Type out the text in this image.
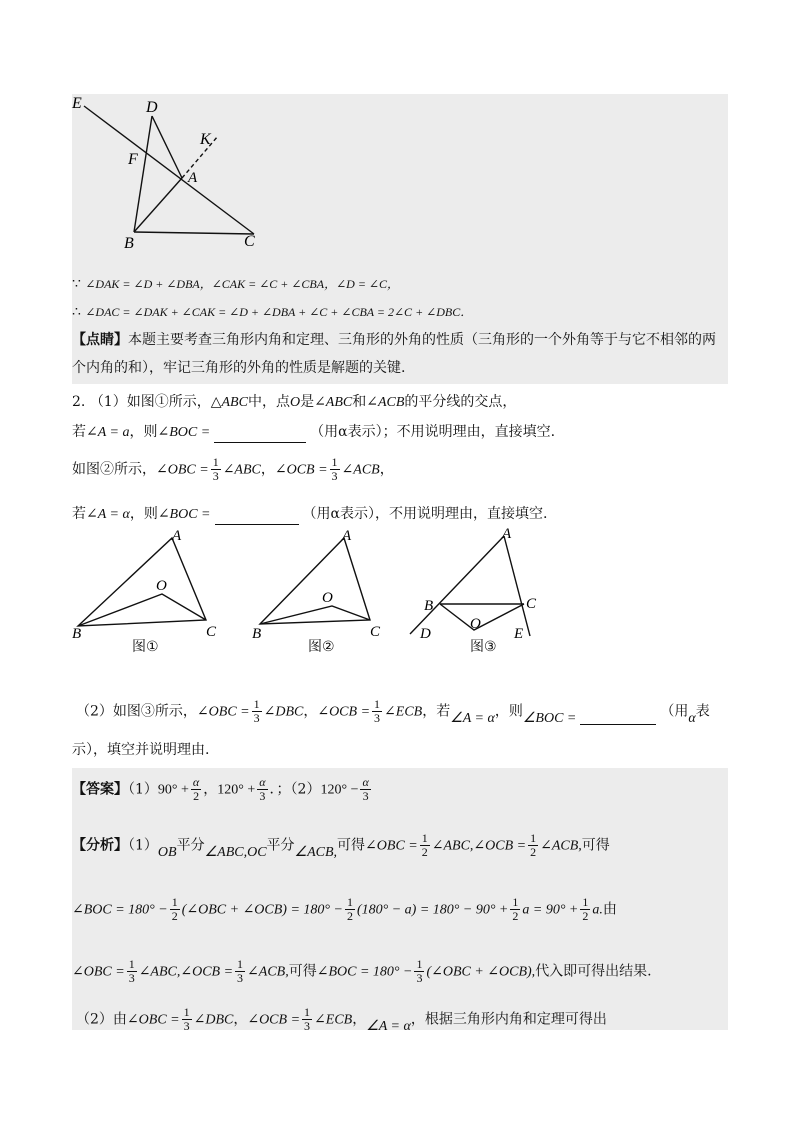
E	D
K
F
A
B	C
∵ ∠DAK = ∠D + ∠DBA，∠CAK = ∠C + ∠CBA，∠D = ∠C，
∴ ∠DAC = ∠DAK + ∠CAK = ∠D + ∠DBA + ∠C + ∠CBA = 2∠C + ∠DBC．
【点睛】本题主要考查三角形内角和定理、三角形的外角的性质（三角形的一个外角等于与它不相邻的两
个内角的和），牢记三角形的外角的性质是解题的关键.
2. （1）如图①所示，△ABC中，点O是∠ABC和∠ACB的平分线的交点，
若∠A = a，则∠BOC =	（用α表示）；不用说明理由，直接填空.
如图②所示，∠OBC = $\frac{1}{3}$ ∠ABC，∠OCB = $\frac{1}{3}$ ∠ACB，
若∠A = α，则∠BOC =	（用α表示），不用说明理由，直接填空.
A
O
B	C
A
O
B	C
A
B	C
O
D	E
图①	图②	图③
（2）如图③所示，∠OBC = $\frac{1}{3}$ ∠DBC，∠OCB = $\frac{1}{3}$ ∠ECB，若∠A = α，则∠BOC =	（用α表
示），填空并说明理由.
【答案】$(1)90^\circ + \frac{\alpha}{2}$ ，$120^\circ + \frac{\alpha}{3}$ ．；$(2)120^\circ - \frac{\alpha}{3}$
【分析】（1）OB平分∠ABC,OC平分∠ACB,可得∠OBC = $\frac{1}{2}$ ∠ABC,∠OCB = $\frac{1}{2}$ ∠ACB,可得
∠BOC = $180^\circ - \frac{1}{2}$ (∠OBC + ∠OCB) = $180^\circ - \frac{1}{2} (180^\circ - a) = 180^\circ - 90^\circ + \frac{1}{2}$ $a = 90^\circ + \frac{1}{2} a$.由
∠OBC = $\frac{1}{3}$ ∠ABC,∠OCB = $\frac{1}{3}$ ∠ACB,可得∠BOC = $180^\circ - \frac{1}{3}$ (∠OBC + ∠OCB),代入即可得出结果.
（2）由∠OBC = $\frac{1}{3}$ ∠DBC，∠OCB = $\frac{1}{3}$ ∠ECB，∠A = α，根据三角形内角和定理可得出
